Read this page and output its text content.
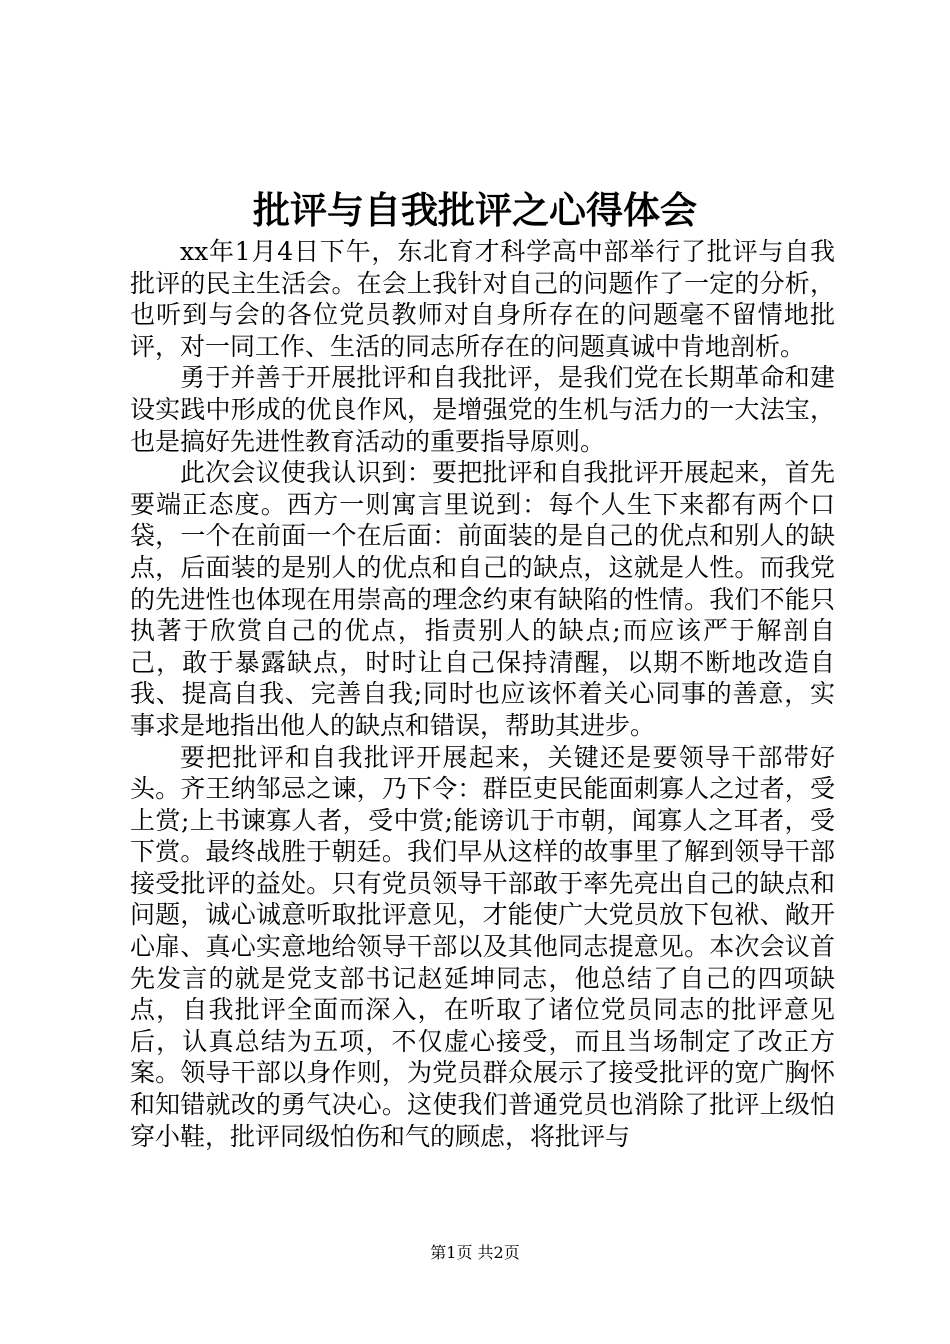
批评与自我批评之心得体会

xx年1月4日下午，东北育才科学高中部举行了批评与自我批评的民主生活会。在会上我针对自己的问题作了一定的分析，也听到与会的各位党员教师对自身所存在的问题毫不留情地批评，对一同工作、生活的同志所存在的问题真诚中肯地剖析。

勇于并善于开展批评和自我批评，是我们党在长期革命和建设实践中形成的优良作风，是增强党的生机与活力的一大法宝，也是搞好先进性教育活动的重要指导原则。

此次会议使我认识到：要把批评和自我批评开展起来，首先要端正态度。西方一则寓言里说到：每个人生下来都有两个口袋，一个在前面一个在后面：前面装的是自己的优点和别人的缺点，后面装的是别人的优点和自己的缺点，这就是人性。而我党的先进性也体现在用崇高的理念约束有缺陷的性情。我们不能只执著于欣赏自己的优点，指责别人的缺点;而应该严于解剖自己，敢于暴露缺点，时时让自己保持清醒，以期不断地改造自我、提高自我、完善自我;同时也应该怀着关心同事的善意，实事求是地指出他人的缺点和错误，帮助其进步。

要把批评和自我批评开展起来，关键还是要领导干部带好头。齐王纳邹忌之谏，乃下令：群臣吏民能面刺寡人之过者，受上赏;上书谏寡人者，受中赏;能谤讥于市朝，闻寡人之耳者，受下赏。最终战胜于朝廷。我们早从这样的故事里了解到领导干部接受批评的益处。只有党员领导干部敢于率先亮出自己的缺点和问题，诚心诚意听取批评意见，才能使广大党员放下包袱、敞开心扉、真心实意地给领导干部以及其他同志提意见。本次会议首先发言的就是党支部书记赵延坤同志，他总结了自己的四项缺点，自我批评全面而深入，在听取了诸位党员同志的批评意见后，认真总结为五项，不仅虚心接受，而且当场制定了改正方案。领导干部以身作则，为党员群众展示了接受批评的宽广胸怀和知错就改的勇气决心。这使我们普通党员也消除了批评上级怕穿小鞋，批评同级怕伤和气的顾虑，将批评与

第1页 共2页
